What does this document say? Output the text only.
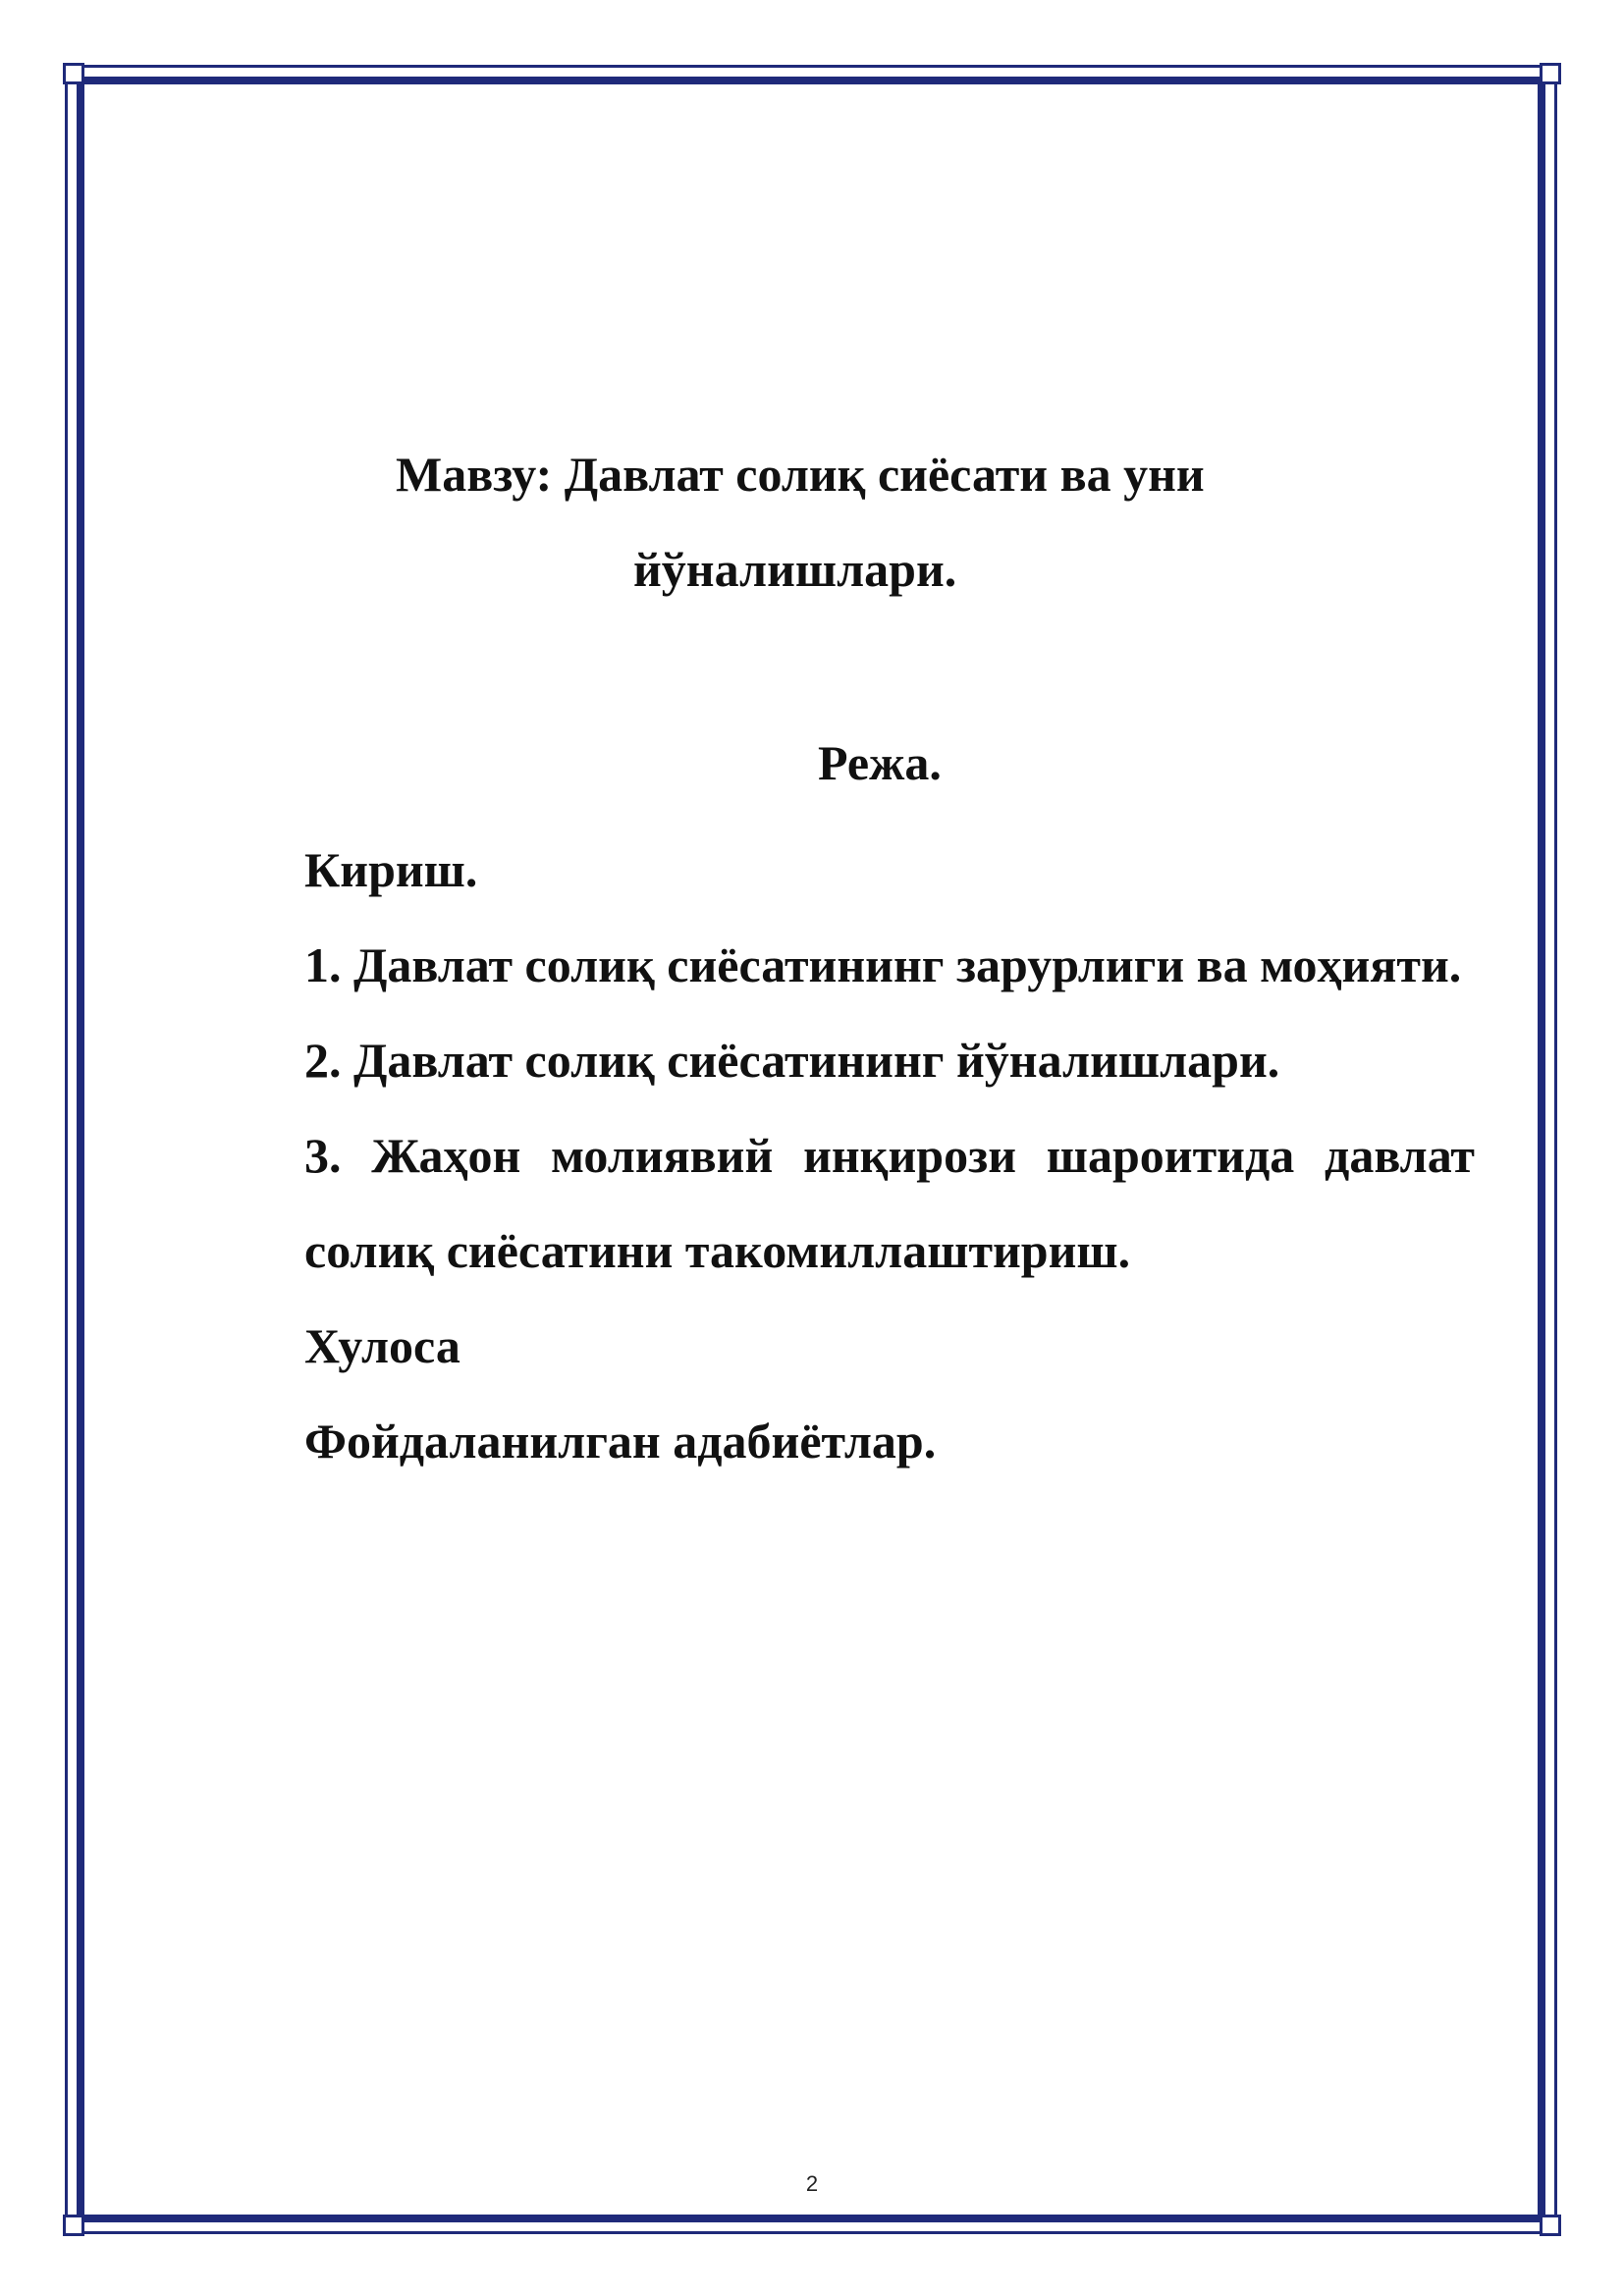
Мавзу: Давлат солиқ сиёсати ва уни
йўналишлари.
Режа.

Кириш.

1. Давлат солиқ сиёсатининг зарурлиги ва моҳияти.

2. Давлат солиқ сиёсатининг йўналишлари.

3. Жаҳон молиявий инқирози шароитида давлат солиқ сиёсатини такомиллаштириш.

Хулоса

Фойдаланилган адабиётлар.

2
